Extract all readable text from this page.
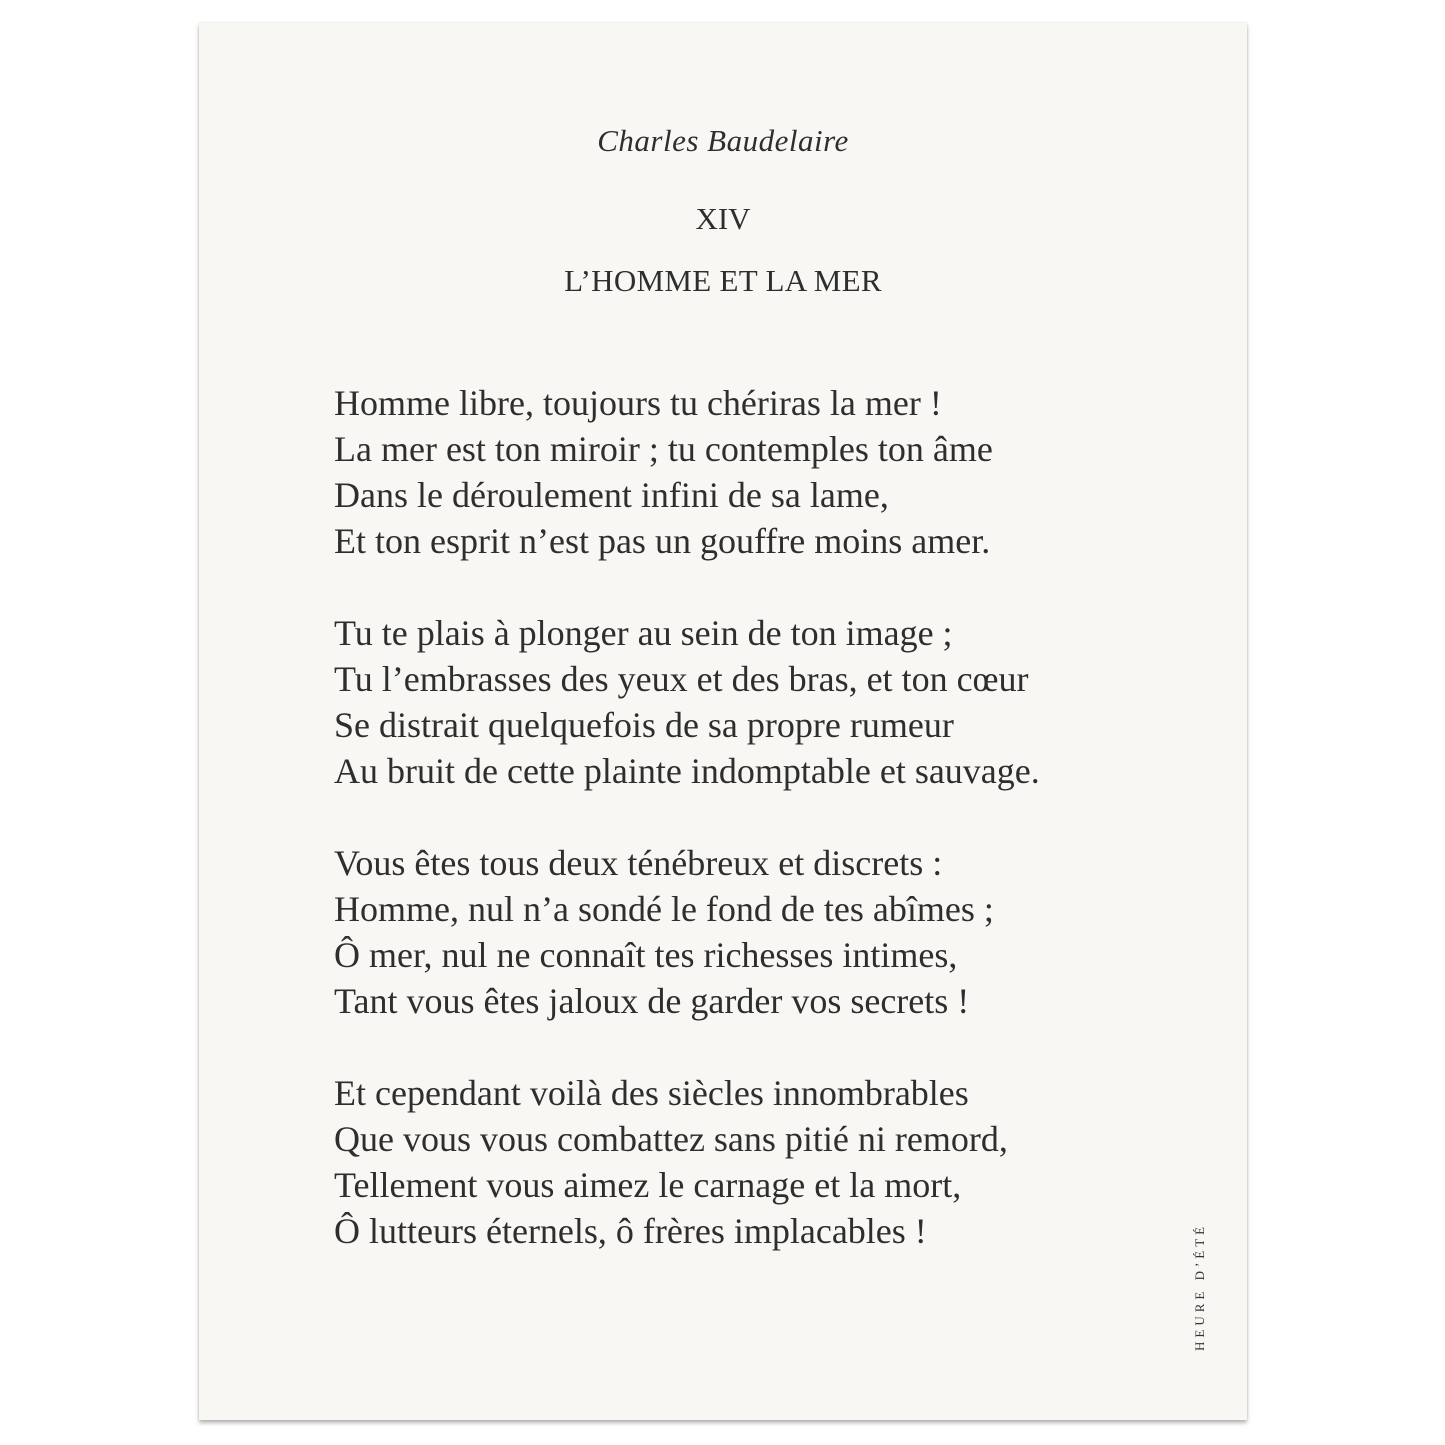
Charles Baudelaire
XIV
L’HOMME ET LA MER
Homme libre, toujours tu chériras la mer !
La mer est ton miroir ; tu contemples ton âme
Dans le déroulement infini de sa lame,
Et ton esprit n’est pas un gouffre moins amer.
Tu te plais à plonger au sein de ton image ;
Tu l’embrasses des yeux et des bras, et ton cœur
Se distrait quelquefois de sa propre rumeur
Au bruit de cette plainte indomptable et sauvage.
Vous êtes tous deux ténébreux et discrets :
Homme, nul n’a sondé le fond de tes abîmes ;
Ô mer, nul ne connaît tes richesses intimes,
Tant vous êtes jaloux de garder vos secrets !
Et cependant voilà des siècles innombrables
Que vous vous combattez sans pitié ni remord,
Tellement vous aimez le carnage et la mort,
Ô lutteurs éternels, ô frères implacables !	HEURE D’ÉTÉ
